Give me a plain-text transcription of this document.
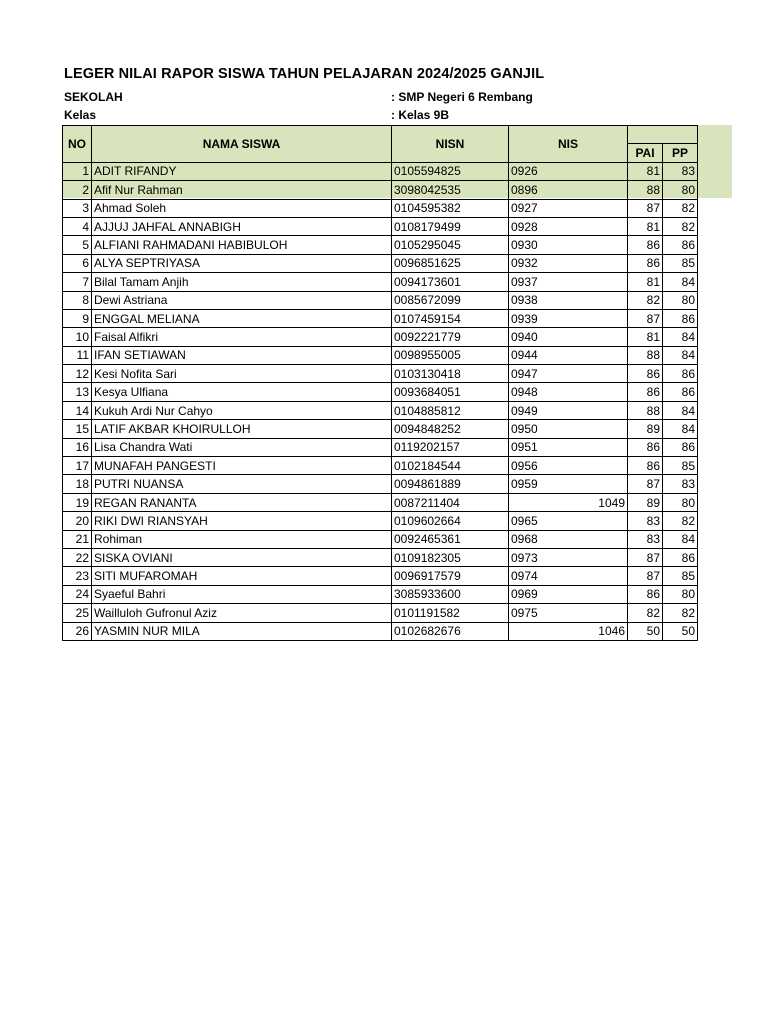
LEGER NILAI RAPOR SISWA TAHUN PELAJARAN 2024/2025 GANJIL
SEKOLAH	: SMP Negeri 6 Rembang
Kelas	: Kelas 9B
NO	NAMA SISWA	NISN	NIS		
				PAI	PP
1	ADIT RIFANDY	0105594825	0926	81	83
2	Afif Nur Rahman	3098042535	0896	88	80
3	Ahmad Soleh	0104595382	0927	87	82
4	AJJUJ JAHFAL ANNABIGH	0108179499	0928	81	82
5	ALFIANI RAHMADANI HABIBULOH	0105295045	0930	86	86
6	ALYA SEPTRIYASA	0096851625	0932	86	85
7	Bilal Tamam Anjih	0094173601	0937	81	84
8	Dewi Astriana	0085672099	0938	82	80
9	ENGGAL MELIANA	0107459154	0939	87	86
10	Faisal Alfikri	0092221779	0940	81	84
11	IFAN SETIAWAN	0098955005	0944	88	84
12	Kesi Nofita Sari	0103130418	0947	86	86
13	Kesya Ulfiana	0093684051	0948	86	86
14	Kukuh Ardi Nur Cahyo	0104885812	0949	88	84
15	LATIF AKBAR KHOIRULLOH	0094848252	0950	89	84
16	Lisa Chandra Wati	0119202157	0951	86	86
17	MUNAFAH PANGESTI	0102184544	0956	86	85
18	PUTRI NUANSA	0094861889	0959	87	83
19	REGAN RANANTA	0087211404	1049	89	80
20	RIKI DWI RIANSYAH	0109602664	0965	83	82
21	Rohiman	0092465361	0968	83	84
22	SISKA OVIANI	0109182305	0973	87	86
23	SITI MUFAROMAH	0096917579	0974	87	85
24	Syaeful Bahri	3085933600	0969	86	80
25	Wailluloh Gufronul Aziz	0101191582	0975	82	82
26	YASMIN NUR MILA	0102682676	1046	50	50
